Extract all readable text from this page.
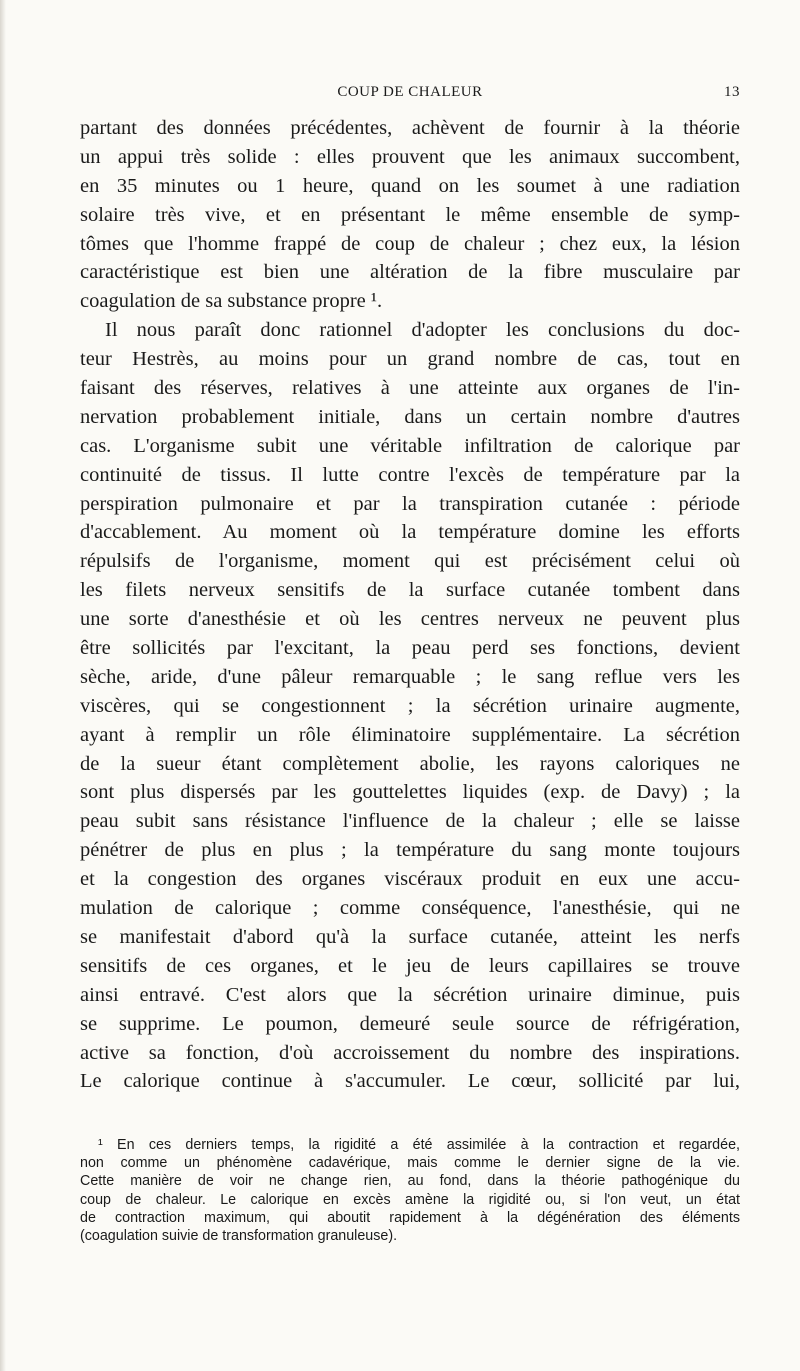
COUP DE CHALEUR	13
partant des données précédentes, achèvent de fournir à la théorie
un appui très solide : elles prouvent que les animaux succombent,
en 35 minutes ou 1 heure, quand on les soumet à une radiation
solaire très vive, et en présentant le même ensemble de symp-
tômes que l'homme frappé de coup de chaleur ; chez eux, la lésion
caractéristique est bien une altération de la fibre musculaire par
coagulation de sa substance propre ¹.
Il nous paraît donc rationnel d'adopter les conclusions du doc-
teur Hestrès, au moins pour un grand nombre de cas, tout en
faisant des réserves, relatives à une atteinte aux organes de l'in-
nervation probablement initiale, dans un certain nombre d'autres
cas. L'organisme subit une véritable infiltration de calorique par
continuité de tissus. Il lutte contre l'excès de température par la
perspiration pulmonaire et par la transpiration cutanée : période
d'accablement. Au moment où la température domine les efforts
répulsifs de l'organisme, moment qui est précisément celui où
les filets nerveux sensitifs de la surface cutanée tombent dans
une sorte d'anesthésie et où les centres nerveux ne peuvent plus
être sollicités par l'excitant, la peau perd ses fonctions, devient
sèche, aride, d'une pâleur remarquable ; le sang reflue vers les
viscères, qui se congestionnent ; la sécrétion urinaire augmente,
ayant à remplir un rôle éliminatoire supplémentaire. La sécrétion
de la sueur étant complètement abolie, les rayons caloriques ne
sont plus dispersés par les gouttelettes liquides (exp. de Davy) ; la
peau subit sans résistance l'influence de la chaleur ; elle se laisse
pénétrer de plus en plus ; la température du sang monte toujours
et la congestion des organes viscéraux produit en eux une accu-
mulation de calorique ; comme conséquence, l'anesthésie, qui ne
se manifestait d'abord qu'à la surface cutanée, atteint les nerfs
sensitifs de ces organes, et le jeu de leurs capillaires se trouve
ainsi entravé. C'est alors que la sécrétion urinaire diminue, puis
se supprime. Le poumon, demeuré seule source de réfrigération,
active sa fonction, d'où accroissement du nombre des inspirations.
Le calorique continue à s'accumuler. Le cœur, sollicité par lui,
¹ En ces derniers temps, la rigidité a été assimilée à la contraction et regardée,
non comme un phénomène cadavérique, mais comme le dernier signe de la vie.
Cette manière de voir ne change rien, au fond, dans la théorie pathogénique du
coup de chaleur. Le calorique en excès amène la rigidité ou, si l'on veut, un état
de contraction maximum, qui aboutit rapidement à la dégénération des éléments
(coagulation suivie de transformation granuleuse).
